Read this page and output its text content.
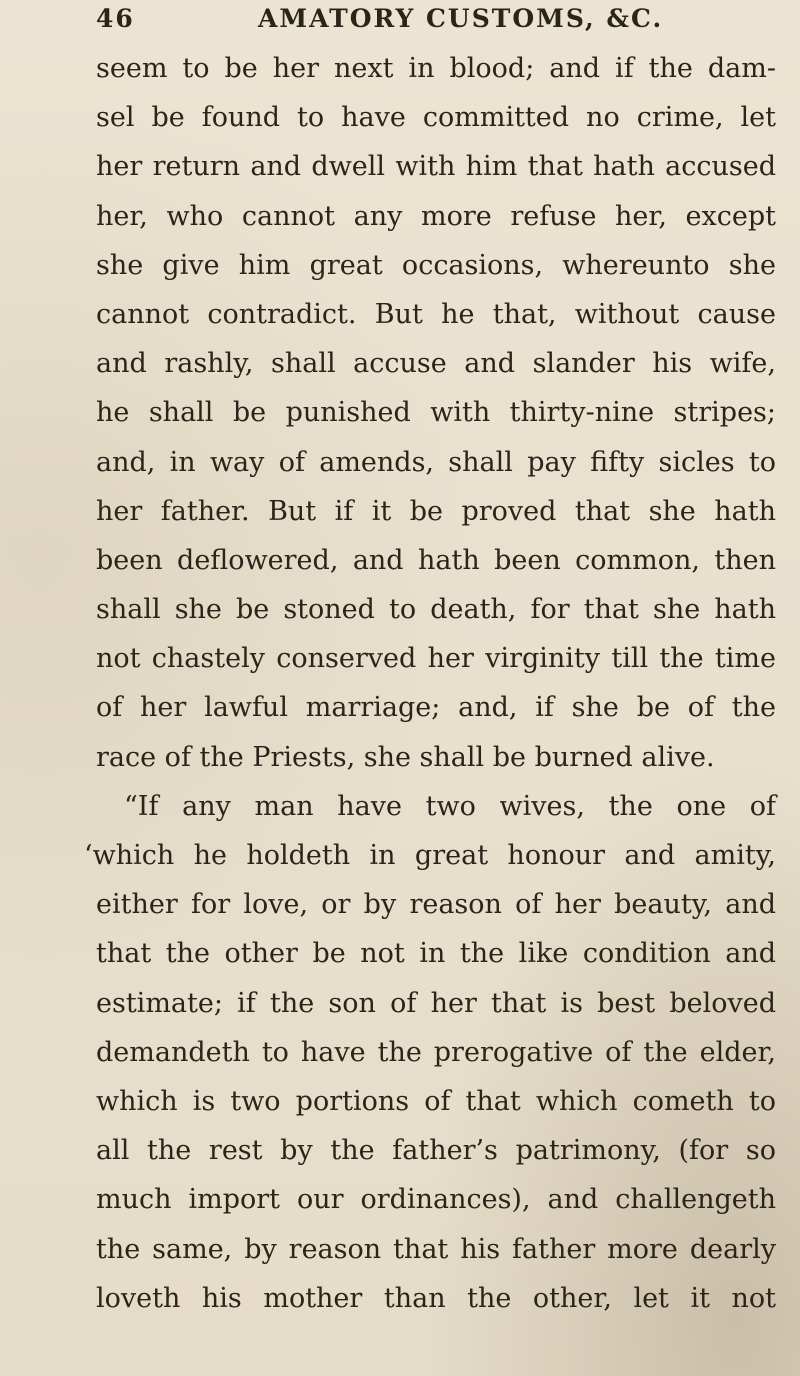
46	AMATORY CUSTOMS, &C.
seem to be her next in blood; and if the dam-
sel be found to have committed no crime, let
her return and dwell with him that hath accused
her, who cannot any more refuse her, except
she give him great occasions, whereunto she
cannot contradict. But he that, without cause
and rashly, shall accuse and slander his wife,
he shall be punished with thirty-nine stripes;
and, in way of amends, shall pay fifty sicles to
her father. But if it be proved that she hath
been deflowered, and hath been common, then
shall she be stoned to death, for that she hath
not chastely conserved her virginity till the time
of her lawful marriage; and, if she be of the
race of the Priests, she shall be burned alive.
“If any man have two wives, the one of
‘which he holdeth in great honour and amity,
either for love, or by reason of her beauty, and
that the other be not in the like condition and
estimate; if the son of her that is best beloved
demandeth to have the prerogative of the elder,
which is two portions of that which cometh to
all the rest by the father’s patrimony, (for so
much import our ordinances), and challengeth
the same, by reason that his father more dearly
loveth his mother than the other, let it not
